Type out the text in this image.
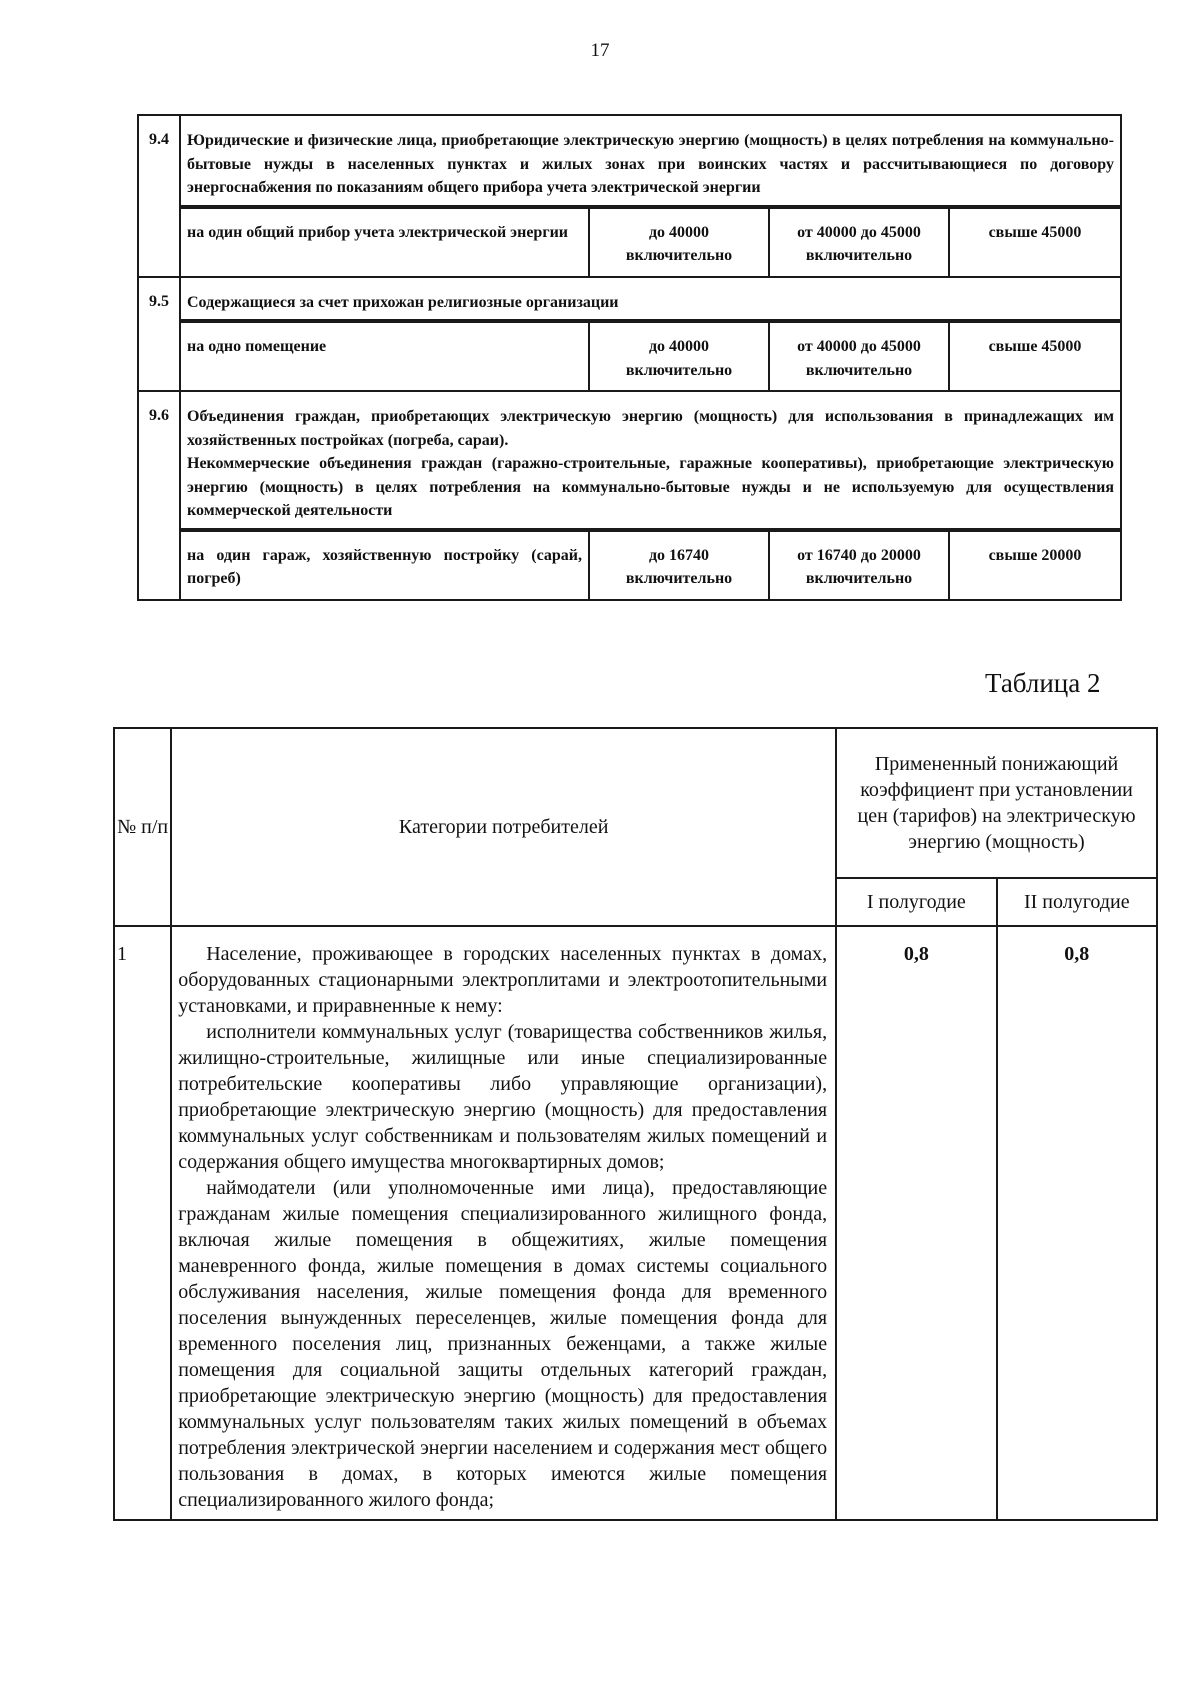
17
9.4	Юридические и физические лица, приобретающие электрическую энергию (мощность) в целях потребления на коммунально-бытовые нужды в населенных пунктах и жилых зонах при воинских частях и рассчитывающиеся по договору энергоснабжения по показаниям общего прибора учета электрической энергии

на один общий прибор учета электрической энергии	до 40000 включительно	от 40000 до 45000 включительно	свыше 45000

9.5	Содержащиеся за счет прихожан религиозные организации

на одно помещение	до 40000 включительно	от 40000 до 45000 включительно	свыше 45000

9.6	Объединения граждан, приобретающих электрическую энергию (мощность) для использования в принадлежащих им хозяйственных постройках (погреба, сараи).
Некоммерческие объединения граждан (гаражно-строительные, гаражные кооперативы), приобретающие электрическую энергию (мощность) в целях потребления на коммунально-бытовые нужды и не используемую для осуществления коммерческой деятельности

на один гараж, хозяйственную постройку (сарай, погреб)	до 16740 включительно	от 16740 до 20000 включительно	свыше 20000
Таблица 2
№ п/п	Категории потребителей	Примененный понижающий коэффициент при установлении цен (тарифов) на электрическую энергию (мощность)	
		I полугодие	II полугодие
1	Население, проживающее в городских населенных пунктах в домах, оборудованных стационарными электроплитами и электроотопительными установками, и приравненные к нему:

исполнители коммунальных услуг (товарищества собственников жилья, жилищно-строительные, жилищные или иные специализированные потребительские кооперативы либо управляющие организации), приобретающие электрическую энергию (мощность) для предоставления коммунальных услуг собственникам и пользователям жилых помещений и содержания общего имущества многоквартирных домов;

наймодатели (или уполномоченные ими лица), предоставляющие гражданам жилые помещения специализированного жилищного фонда, включая жилые помещения в общежитиях, жилые помещения маневренного фонда, жилые помещения в домах системы социального обслуживания населения, жилые помещения фонда для временного поселения вынужденных переселенцев, жилые помещения фонда для временного поселения лиц, признанных беженцами, а также жилые помещения для социальной защиты отдельных категорий граждан, приобретающие электрическую энергию (мощность) для предоставления коммунальных услуг пользователям таких жилых помещений в объемах потребления электрической энергии населением и содержания мест общего пользования в домах, в которых имеются жилые помещения специализированного жилого фонда;	0,8	0,8
